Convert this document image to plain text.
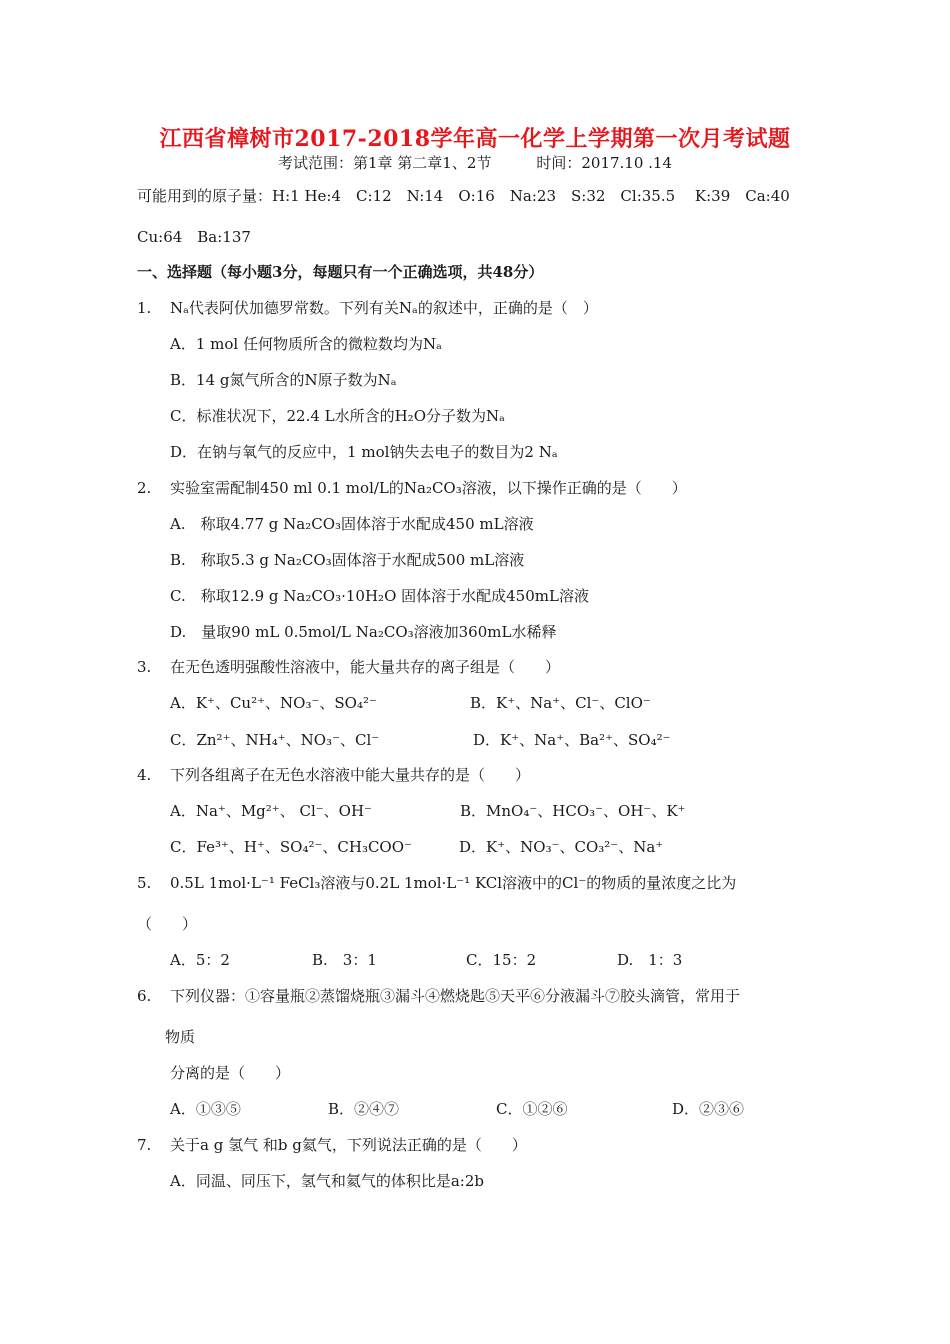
江西省樟树市2017-2018学年高一化学上学期第一次月考试题
考试范围：第1章 第二章1、2节　　　时间：2017.10 .14
可能用到的原子量：H:1 He:4　C:12　N:14　O:16　Na:23　S:32　Cl:35.5　 K:39　Ca:40
Cu:64　Ba:137
一、选择题（每小题3分，每题只有一个正确选项，共48分）
1. Nₐ代表阿伏加德罗常数。下列有关Nₐ的叙述中，正确的是（　）
A．1 mol 任何物质所含的微粒数均为Nₐ
B．14 g氮气所含的N原子数为Nₐ
C．标准状况下，22.4 L水所含的H₂O分子数为Nₐ
D．在钠与氧气的反应中，1 mol钠失去电子的数目为2 Nₐ
2. 实验室需配制450 ml 0.1 mol/L的Na₂CO₃溶液，以下操作正确的是（　　）
A.　称取4.77 g Na₂CO₃固体溶于水配成450 mL溶液
B.　称取5.3 g Na₂CO₃固体溶于水配成500 mL溶液
C.　称取12.9 g Na₂CO₃·10H₂O 固体溶于水配成450mL溶液
D.　量取90 mL 0.5mol/L Na₂CO₃溶液加360mL水稀释
3. 在无色透明强酸性溶液中，能大量共存的离子组是（　　）
A．K⁺、Cu²⁺、NO₃⁻、SO₄²⁻	B．K⁺、Na⁺、Cl⁻、ClO⁻
C．Zn²⁺、NH₄⁺、NO₃⁻、Cl⁻	D．K⁺、Na⁺、Ba²⁺、SO₄²⁻
4. 下列各组离子在无色水溶液中能大量共存的是（　　）
A．Na⁺、Mg²⁺、 Cl⁻、OH⁻	B．MnO₄⁻、HCO₃⁻、OH⁻、K⁺
C．Fe³⁺、H⁺、SO₄²⁻、CH₃COO⁻	D．K⁺、NO₃⁻、CO₃²⁻、Na⁺
5. 0.5L 1mol·L⁻¹ FeCl₃溶液与0.2L 1mol·L⁻¹ KCl溶液中的Cl⁻的物质的量浓度之比为
（　　）
A．5：2	B.　3：1	C．15：2	D.　1：3
6. 下列仪器：①容量瓶②蒸馏烧瓶③漏斗④燃烧匙⑤天平⑥分液漏斗⑦胶头滴管，常用于
物质
分离的是（　　）
A．①③⑤	B．②④⑦	C．①②⑥	D．②③⑥
7. 关于a g 氢气 和b g氦气，下列说法正确的是（　　）
A．同温、同压下，氢气和氦气的体积比是a:2b
